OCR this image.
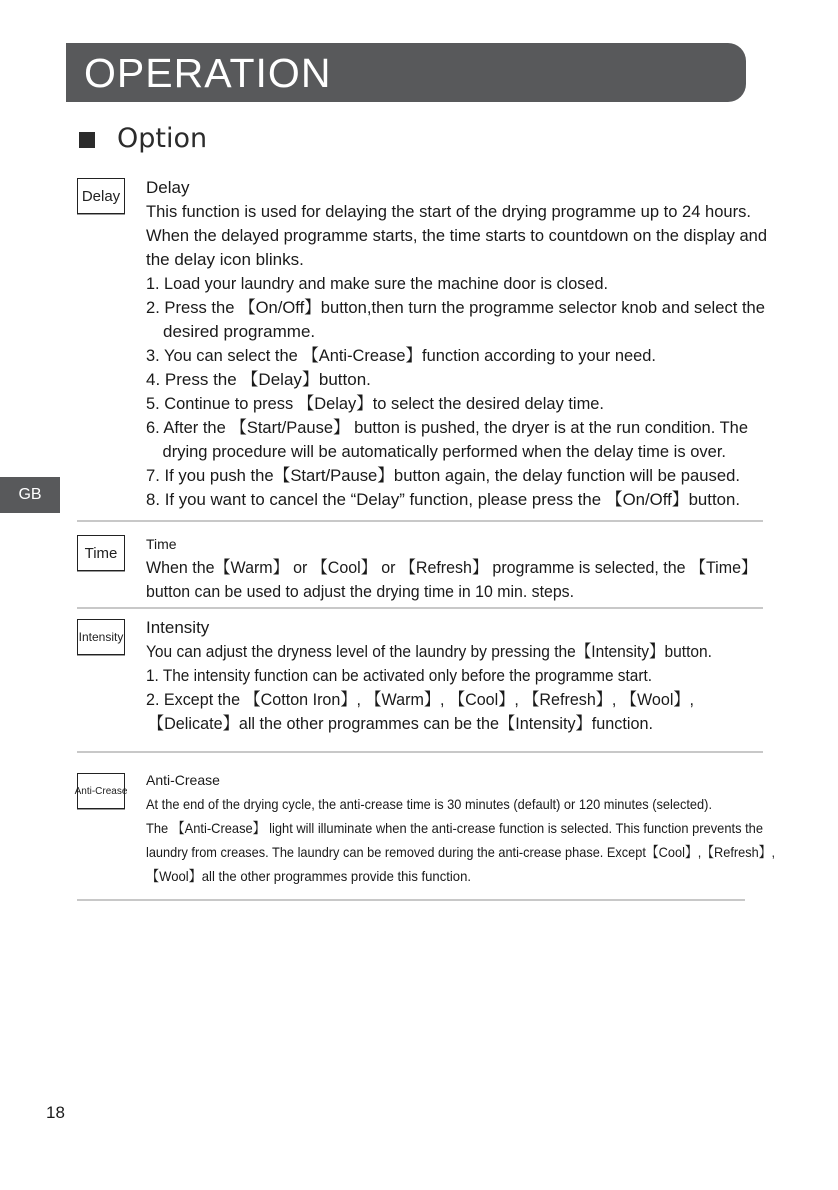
OPERATION
Option
GB
Delay Delay
This function is used for delaying the start of the drying programme up to 24 hours.
When the delayed programme starts, the time starts to countdown on the display and
the delay icon blinks.
1. Load your laundry and make sure the machine door is closed.
2. Press the 【On/Off】button,then turn the programme selector knob and select the
desired programme.
3. You can select the 【Anti-Crease】function according to your need.
4. Press the 【Delay】button.
5. Continue to press 【Delay】to select the desired delay time.
6. After the 【Start/Pause】 button is pushed, the dryer is at the run condition. The
drying procedure will be automatically performed when the delay time is over.
7. If you push the【Start/Pause】button again, the delay function will be paused.
8. If you want to cancel the “Delay” function, please press the 【On/Off】button.
Time
Time
When the【Warm】 or 【Cool】 or 【Refresh】 programme is selected, the 【Time】
button can be used to adjust the drying time in 10 min. steps.
Intensity Intensity
You can adjust the dryness level of the laundry by pressing the【Intensity】button.
1. The intensity function can be activated only before the programme start.
2. Except the 【Cotton Iron】, 【Warm】, 【Cool】, 【Refresh】, 【Wool】,
【Delicate】all the other programmes can be the【Intensity】function.
Anti-Crease
Anti-Crease
At the end of the drying cycle, the anti-crease time is 30 minutes (default) or 120 minutes (selected).
The 【Anti-Crease】 light will illuminate when the anti-crease function is selected. This function prevents the
laundry from creases. The laundry can be removed during the anti-crease phase. Except【Cool】,【Refresh】,
【Wool】all the other programmes provide this function.
18
